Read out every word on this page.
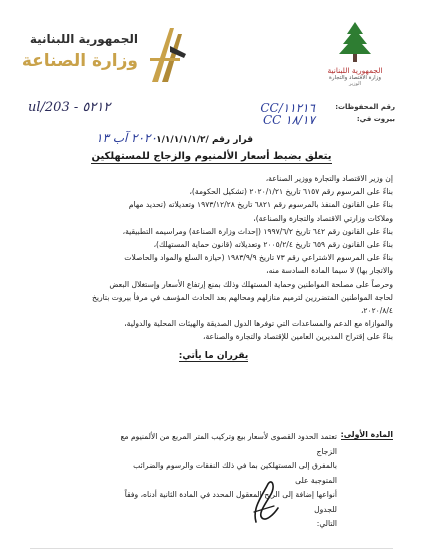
الجمهورية اللبنانية
وزارة الصناعة	الجمهورية اللبنانية
وزارة الاقتصاد والتجارة
الوزير
ul/203 - ٥٢١٢	CC/١١٢١٦
CC ١٨/١٧
رقم المحفوظات:
بيروت في:
قرار رقم /١/١/١/١/١/٢
٢٠٢٠ آب ١٣
يتعلق بضبط أسعار الألمنيوم والزجاج للمستهلكين

إن وزير الاقتصاد والتجارة ووزير الصناعة،

بناءً على المرسوم رقم ٦١٥٧ تاريخ ٢٠٢٠/١/٢١ (تشكيل الحكومة)،

بناءً على القانون المنفذ بالمرسوم رقم ٦٨٢١ تاريخ ١٩٧٣/١٢/٢٨ وتعديلاته (تحديد مهام

وملاكات وزارتي الاقتصاد والتجارة والصناعة)،

بناءً على القانون رقم ٦٤٢ تاريخ ١٩٩٧/٦/٢ (إحداث وزارة الصناعة) ومراسيمه التطبيقية،

بناءً على القانون رقم ٦٥٩ تاريخ ٢٠٠٥/٢/٤ وتعديلاته (قانون حماية المستهلك)،

بناءً على المرسوم الاشتراعي رقم ٧٣ تاريخ ١٩٨٣/٩/٩ (حيازة السلع والمواد والحاصلات

والاتجار بها) لا سيما المادة السادسة منه،

وحرصاً على مصلحة المواطنين وحماية المستهلك وذلك بمنع إرتفاع الأسعار وإستغلال البعض

لحاجة المواطنين المتضررين لترميم منازلهم ومحالهم بعد الحادث المؤسف في مرفأ بيروت بتاريخ

٢٠٢٠/٨/٤،

والموازاة مع الدعم والمساعدات التي توفرها الدول الصديقة والهيئات المحلية والدولية،

بناءً على إقتراح المديرين العامين للإقتصاد والتجارة والصناعة،

يقرران ما يأتي:
المادة الأولى:

تعتمد الحدود القصوى لأسعار بيع وتركيب المتر المربع من الألمنيوم مع الزجاج

بالمفرق إلى المستهلكين بما في ذلك النفقات والرسوم والضرائب المتوجبة على

أنواعها إضافة إلى الربح المعقول المحدد في المادة الثانية أدناه، وفقاً للجدول

التالي:
